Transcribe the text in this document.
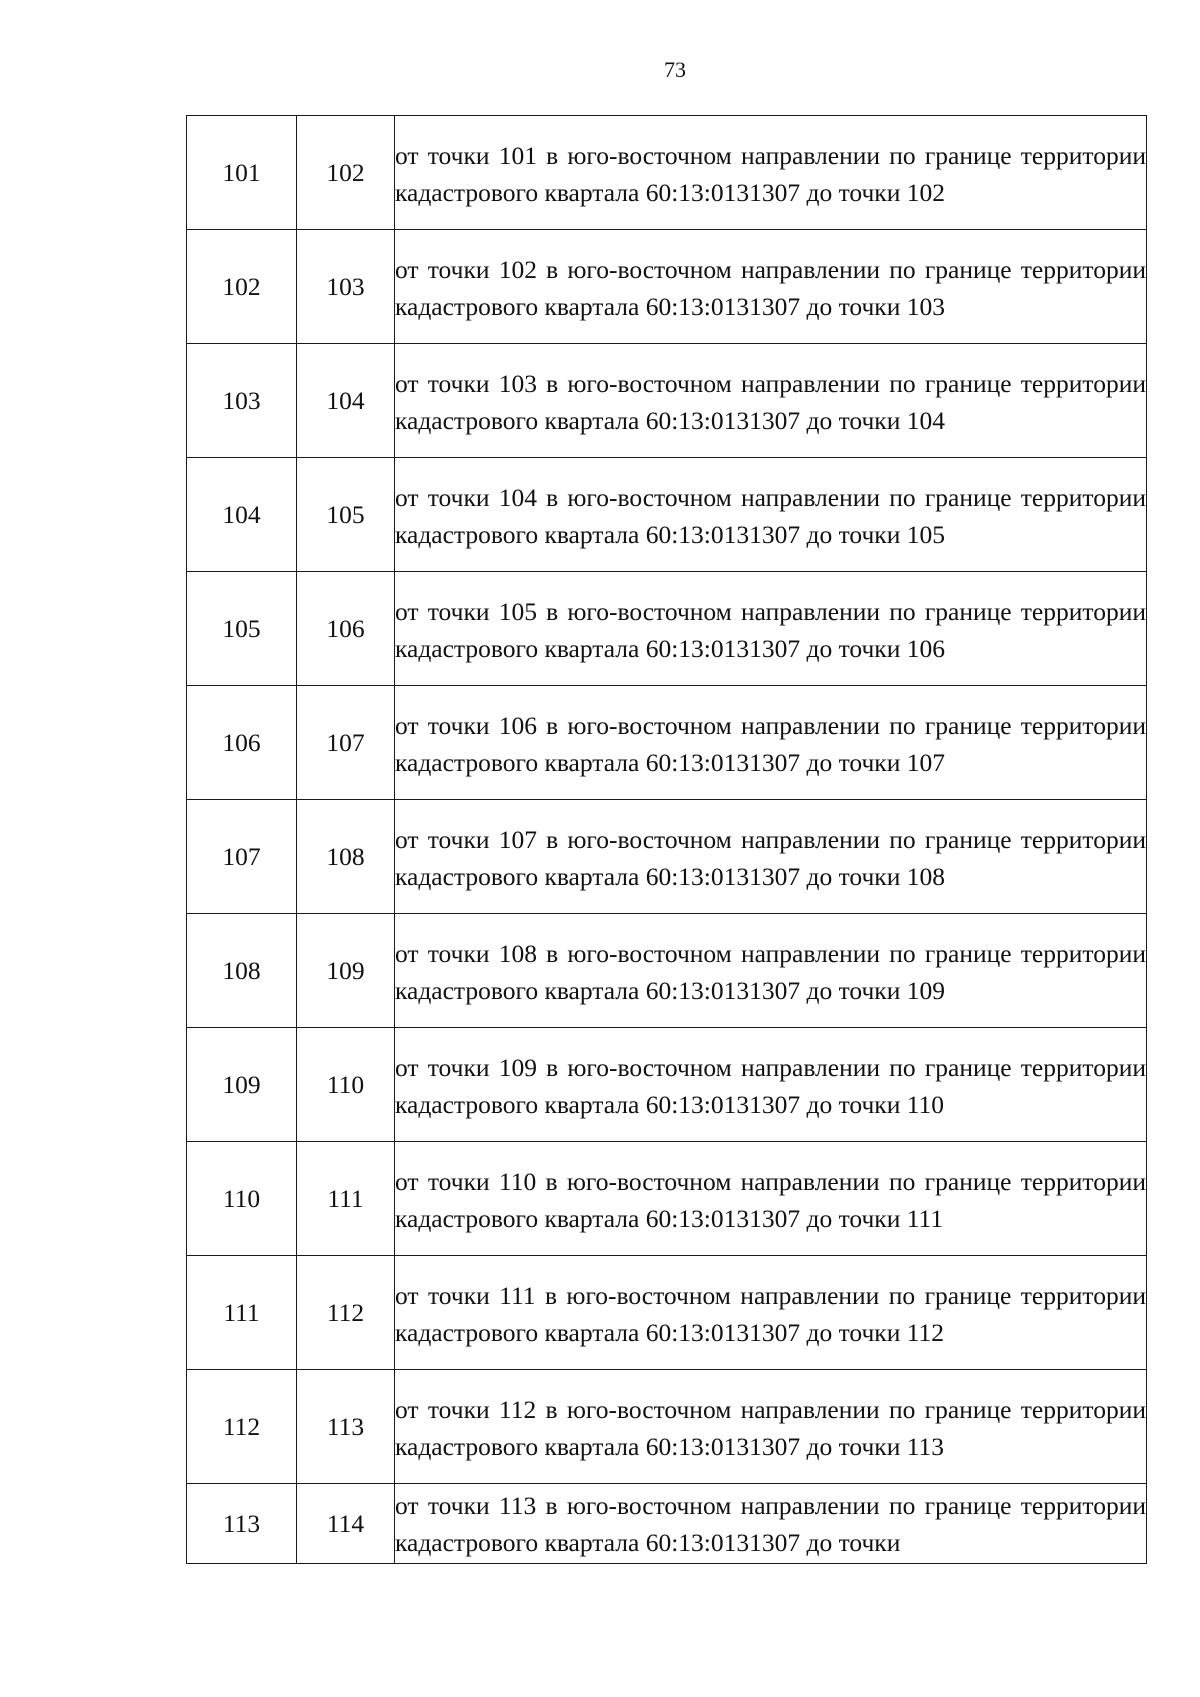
73
101	102	от точки 101 в юго-восточном направлении по границе территории кадастрового квартала 60:13:0131307 до точки 102

102	103	от точки 102 в юго-восточном направлении по границе территории кадастрового квартала 60:13:0131307 до точки 103

103	104	от точки 103 в юго-восточном направлении по границе территории кадастрового квартала 60:13:0131307 до точки 104

104	105	от точки 104 в юго-восточном направлении по границе территории кадастрового квартала 60:13:0131307 до точки 105

105	106	от точки 105 в юго-восточном направлении по границе территории кадастрового квартала 60:13:0131307 до точки 106

106	107	от точки 106 в юго-восточном направлении по границе территории кадастрового квартала 60:13:0131307 до точки 107

107	108	от точки 107 в юго-восточном направлении по границе территории кадастрового квартала 60:13:0131307 до точки 108

108	109	от точки 108 в юго-восточном направлении по границе территории кадастрового квартала 60:13:0131307 до точки 109

109	110	от точки 109 в юго-восточном направлении по границе территории кадастрового квартала 60:13:0131307 до точки 110

110	111	от точки 110 в юго-восточном направлении по границе территории кадастрового квартала 60:13:0131307 до точки 111

111	112	от точки 111 в юго-восточном направлении по границе территории кадастрового квартала 60:13:0131307 до точки 112

112	113	от точки 112 в юго-восточном направлении по границе территории кадастрового квартала 60:13:0131307 до точки 113

113	114	от точки 113 в юго-восточном направлении по границе территории кадастрового квартала 60:13:0131307 до точки
